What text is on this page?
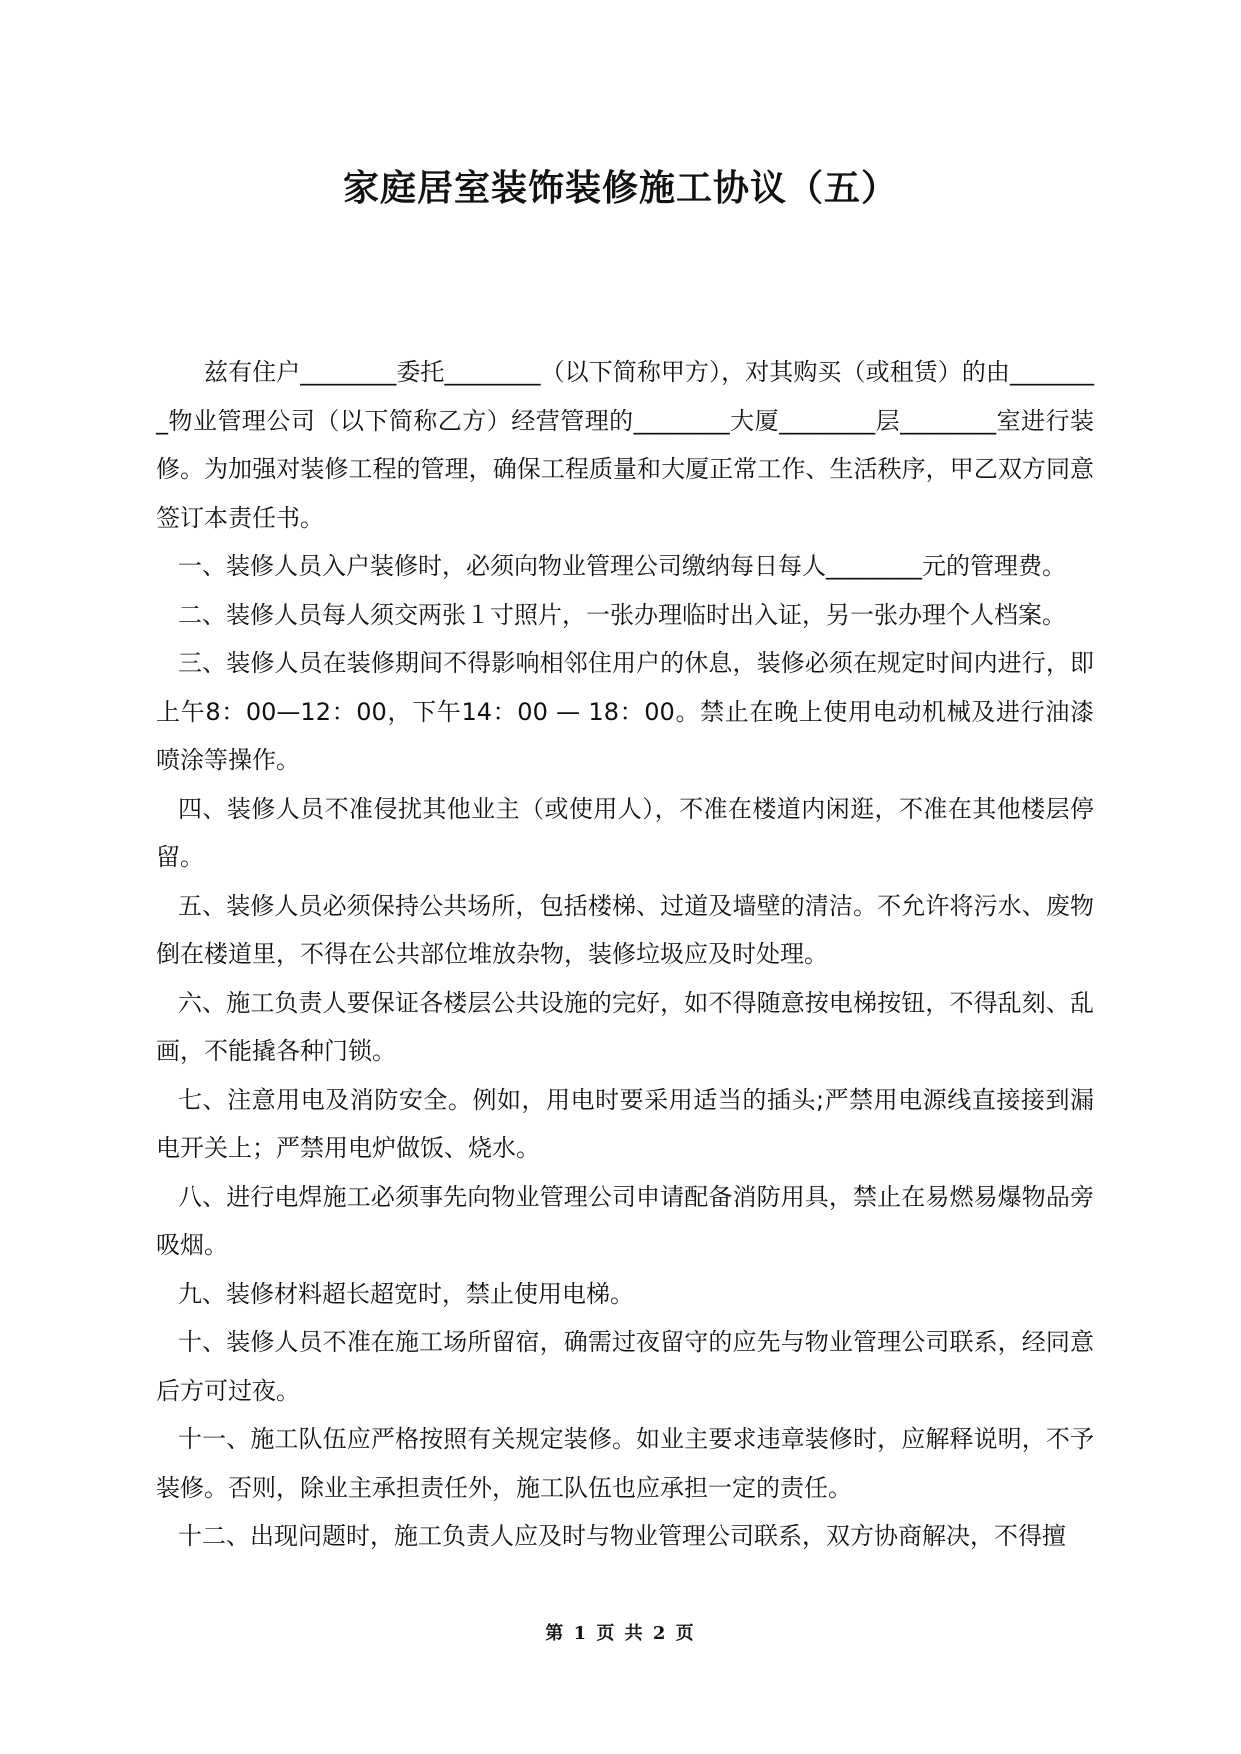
家庭居室装饰装修施工协议（五）

兹有住户________委托________（以下简称甲方），对其购买（或租赁）的由________物业管理公司（以下简称乙方）经营管理的________大厦________层________室进行装修。为加强对装修工程的管理，确保工程质量和大厦正常工作、生活秩序，甲乙双方同意签订本责任书。

一、装修人员入户装修时，必须向物业管理公司缴纳每日每人________元的管理费。

二、装修人员每人须交两张１寸照片，一张办理临时出入证，另一张办理个人档案。

三、装修人员在装修期间不得影响相邻住用户的休息，装修必须在规定时间内进行，即上午8：00—12：00，下午14：00 — 18：00。禁止在晚上使用电动机械及进行油漆喷涂等操作。

四、装修人员不准侵扰其他业主（或使用人），不准在楼道内闲逛，不准在其他楼层停留。

五、装修人员必须保持公共场所，包括楼梯、过道及墙壁的清洁。不允许将污水、废物倒在楼道里，不得在公共部位堆放杂物，装修垃圾应及时处理。

六、施工负责人要保证各楼层公共设施的完好，如不得随意按电梯按钮，不得乱刻、乱画，不能撬各种门锁。

七、注意用电及消防安全。例如，用电时要采用适当的插头;严禁用电源线直接接到漏电开关上；严禁用电炉做饭、烧水。

八、进行电焊施工必须事先向物业管理公司申请配备消防用具，禁止在易燃易爆物品旁吸烟。

九、装修材料超长超宽时，禁止使用电梯。

十、装修人员不准在施工场所留宿，确需过夜留守的应先与物业管理公司联系，经同意后方可过夜。

十一、施工队伍应严格按照有关规定装修。如业主要求违章装修时，应解释说明，不予装修。否则，除业主承担责任外，施工队伍也应承担一定的责任。

十二、出现问题时，施工负责人应及时与物业管理公司联系，双方协商解决，不得擅

第 1 页 共 2 页
